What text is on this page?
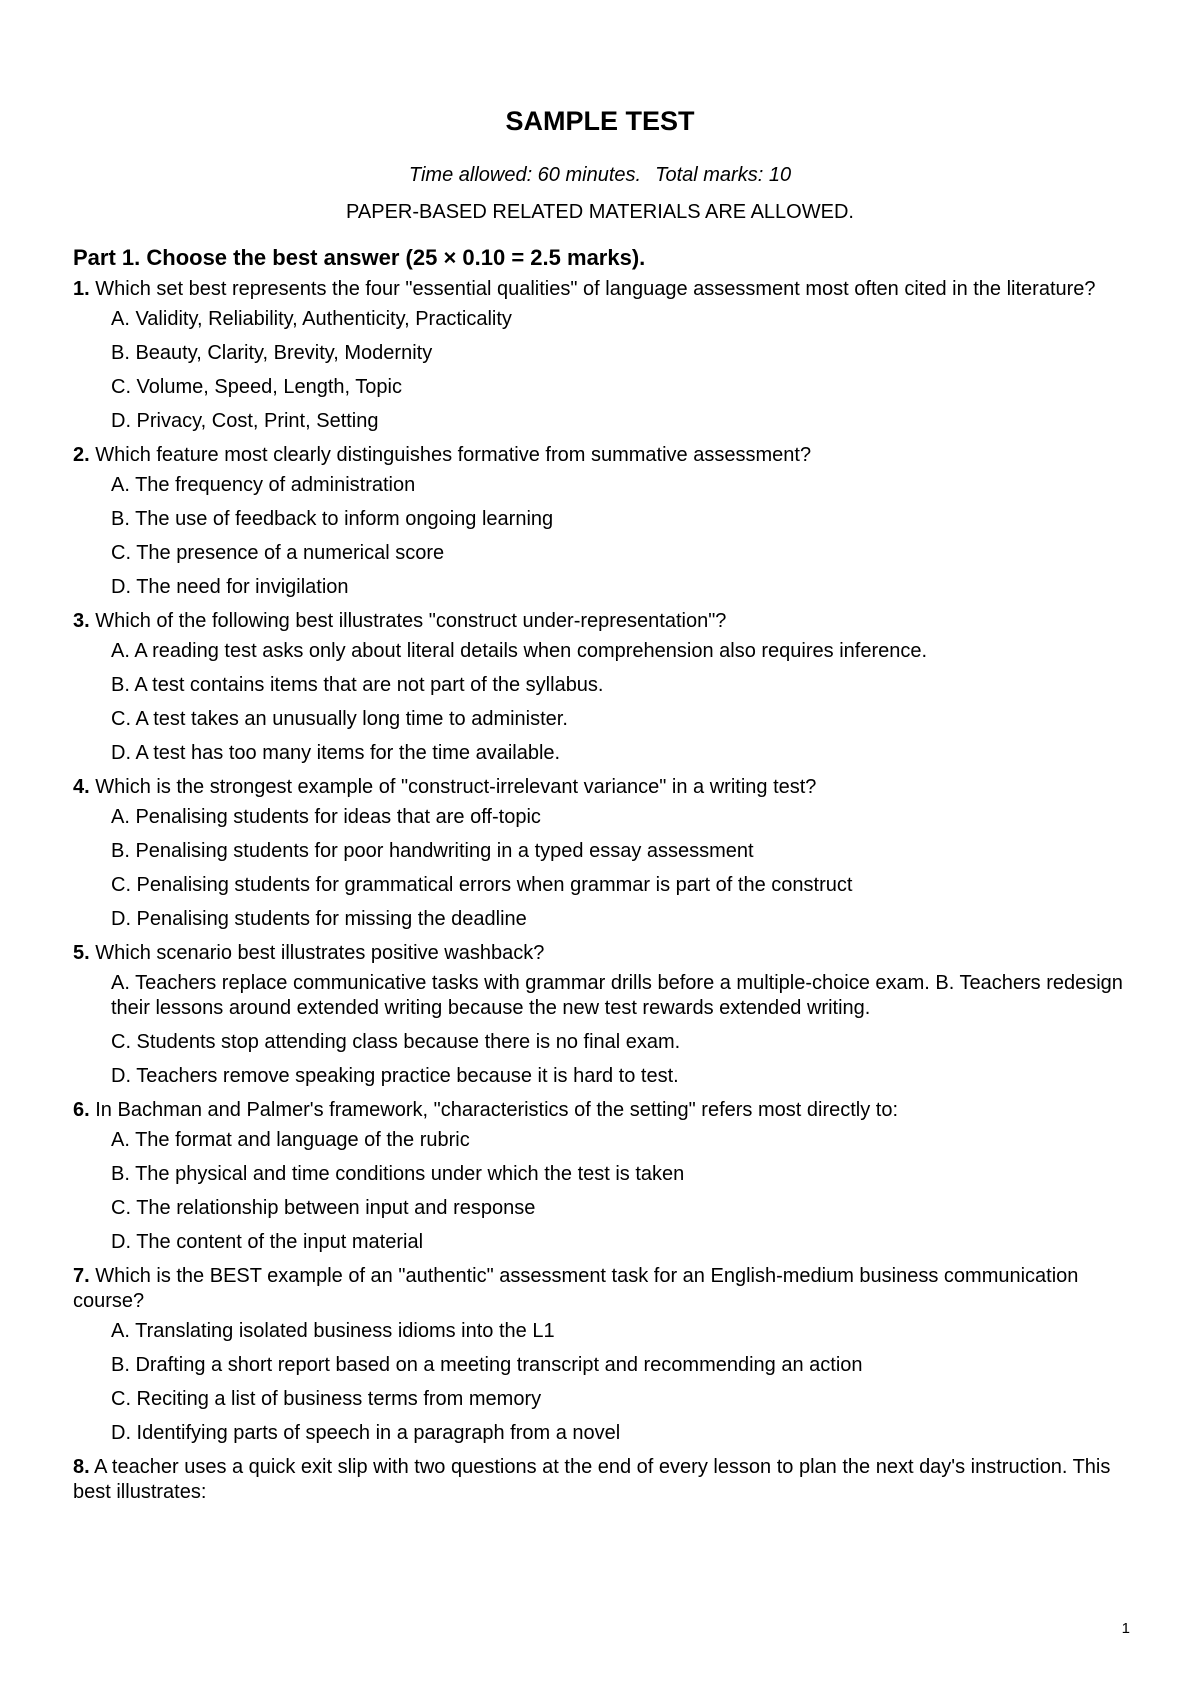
SAMPLE TEST
Time allowed: 60 minutes. Total marks: 10
PAPER-BASED RELATED MATERIALS ARE ALLOWED.
Part 1. Choose the best answer (25 × 0.10 = 2.5 marks).
1. Which set best represents the four "essential qualities" of language assessment most often cited in the literature?
A. Validity, Reliability, Authenticity, Practicality
B. Beauty, Clarity, Brevity, Modernity
C. Volume, Speed, Length, Topic
D. Privacy, Cost, Print, Setting
2. Which feature most clearly distinguishes formative from summative assessment?
A. The frequency of administration
B. The use of feedback to inform ongoing learning
C. The presence of a numerical score
D. The need for invigilation
3. Which of the following best illustrates "construct under-representation"?
A. A reading test asks only about literal details when comprehension also requires inference.
B. A test contains items that are not part of the syllabus.
C. A test takes an unusually long time to administer.
D. A test has too many items for the time available.
4. Which is the strongest example of "construct-irrelevant variance" in a writing test?
A. Penalising students for ideas that are off-topic
B. Penalising students for poor handwriting in a typed essay assessment
C. Penalising students for grammatical errors when grammar is part of the construct
D. Penalising students for missing the deadline
5. Which scenario best illustrates positive washback?
A. Teachers replace communicative tasks with grammar drills before a multiple-choice exam. B. Teachers redesign their lessons around extended writing because the new test rewards extended writing.
C. Students stop attending class because there is no final exam.
D. Teachers remove speaking practice because it is hard to test.
6. In Bachman and Palmer's framework, "characteristics of the setting" refers most directly to:
A. The format and language of the rubric
B. The physical and time conditions under which the test is taken
C. The relationship between input and response
D. The content of the input material
7. Which is the BEST example of an "authentic" assessment task for an English-medium business communication course?
A. Translating isolated business idioms into the L1
B. Drafting a short report based on a meeting transcript and recommending an action
C. Reciting a list of business terms from memory
D. Identifying parts of speech in a paragraph from a novel
8. A teacher uses a quick exit slip with two questions at the end of every lesson to plan the next day's instruction. This best illustrates:
1
